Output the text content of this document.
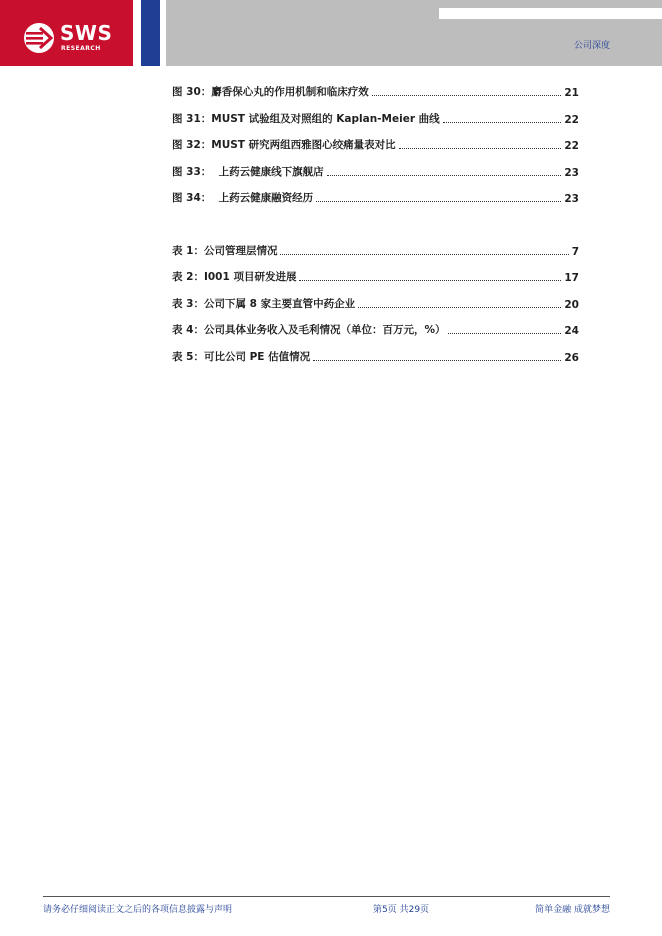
SWS
RESEARCH	公司深度
图 30：麝香保心丸的作用机制和临床疗效	21
图 31：MUST 试验组及对照组的 Kaplan-Meier 曲线	22
图 32：MUST 研究两组西雅图心绞痛量表对比	22
图 33：  上药云健康线下旗舰店	23
图 34：  上药云健康融资经历	23
表 1：公司管理层情况	7
表 2：I001 项目研发进展	17
表 3：公司下属 8 家主要直管中药企业	20
表 4：公司具体业务收入及毛利情况（单位：百万元，%）	24
表 5：可比公司 PE 估值情况	26
请务必仔细阅读正文之后的各项信息披露与声明	第5页 共29页	简单金融 成就梦想
